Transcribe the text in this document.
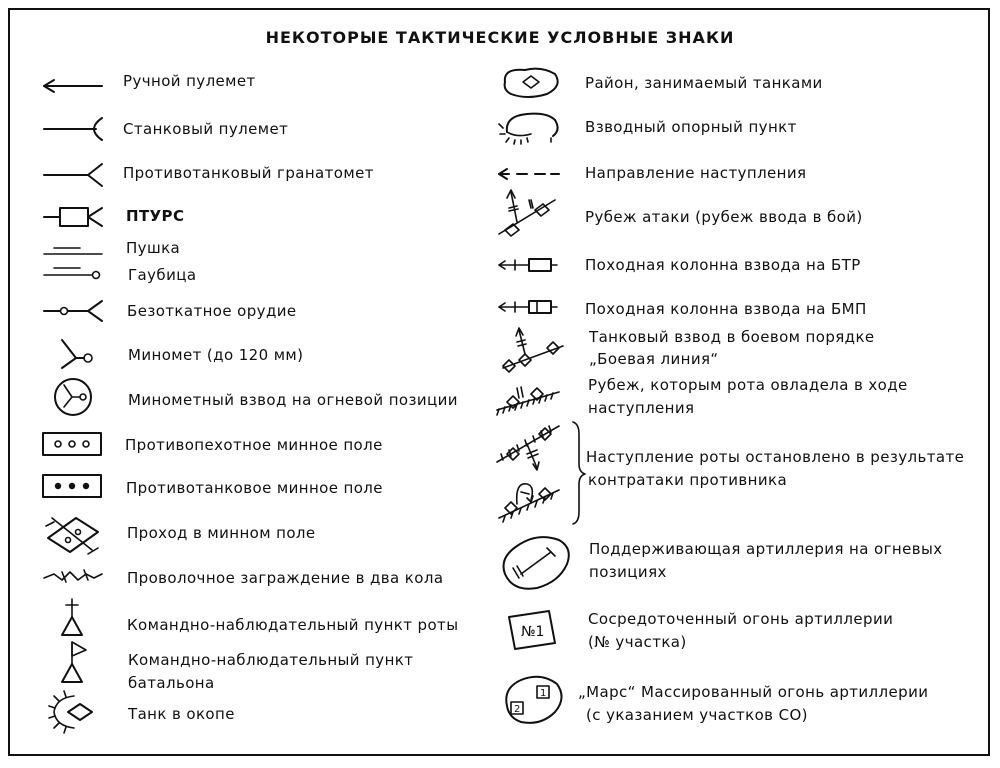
НЕКОТОРЫЕ ТАКТИЧЕСКИЕ УСЛОВНЫЕ ЗНАКИ
Ручной пулемет
Станковый пулемет
Противотанковый гранатомет
ПТУРС
Пушка
Гаубица
Безоткатное орудие
Миномет (до 120 мм)
Минометный взвод на огневой позиции
Противопехотное минное поле
Противотанковое минное поле
Проход в минном поле
Проволочное заграждение в два кола
Командно-наблюдательный пункт роты
Командно-наблюдательный пункт
батальона
Танк в окопе
Район, занимаемый танками
Взводный опорный пункт
Направление наступления
Рубеж атаки (рубеж ввода в бой)
Походная колонна взвода на БТР
Походная колонна взвода на БМП
Танковый взвод в боевом порядке
„Боевая линия“
Рубеж, которым рота овладела в ходе
наступления
Наступление роты остановлено в результате
контратаки противника
Поддерживающая артиллерия на огневых
позициях
№1
Сосредоточенный огонь артиллерии
(№ участка)
1
2
„Марс“ Массированный огонь артиллерии
(с указанием участков СО)
